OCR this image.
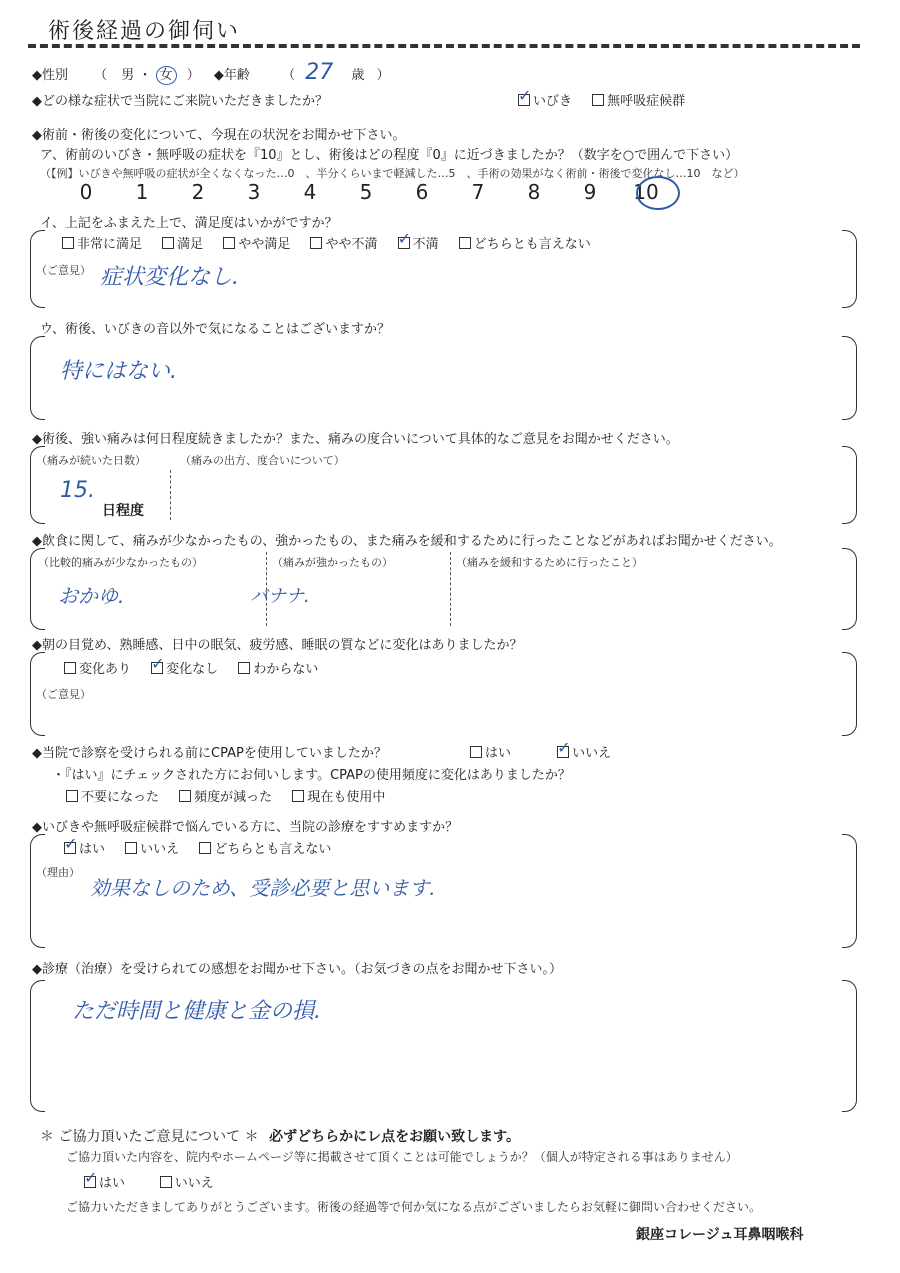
術後経過の御伺い
◆性別 （ 男 ・ 女 ） ◆年齢 （ 27 歳 ）
◆どの様な症状で当院にご来院いただきましたか？ ✓	いびき	無呼吸症候群
◆術前・術後の変化について、今現在の状況をお聞かせ下さい。
ア、術前のいびき・無呼吸の症状を『10』とし、術後はどの程度『0』に近づきましたか？（数字を○で囲んで下さい）
（【例】いびきや無呼吸の症状が全くなくなった…0　、半分くらいまで軽減した…5　、手術の効果がなく術前・術後で変化なし…10　など）
0 1 2 3 4 5 6 7 8 9 10
イ、上記をふまえた上で、満足度はいかがですか？
非常に満足	満足	やや満足	やや不満 ✓	不満	どちらとも言えない
（ご意見） 症状変化なし.
ウ、術後、いびきの音以外で気になることはございますか？
特にはない.
◆術後、強い痛みは何日程度続きましたか？また、痛みの度合いについて具体的なご意見をお聞かせください。
（痛みが続いた日数）	（痛みの出方、度合いについて）
15.
日程度
◆飲食に関して、痛みが少なかったもの、強かったもの、また痛みを緩和するために行ったことなどがあればお聞かせください。
（比較的痛みが少なかったもの）	（痛みが強かったもの）	（痛みを緩和するために行ったこと）
おかゆ.	バナナ.
◆朝の目覚め、熟睡感、日中の眠気、疲労感、睡眠の質などに変化はありましたか？
変化あり ✓	変化なし	わからない
（ご意見）
◆当院で診察を受けられる前にCPAPを使用していましたか？	はい ✓	いいえ
・『はい』にチェックされた方にお伺いします。CPAPの使用頻度に変化はありましたか？
不要になった	頻度が減った	現在も使用中
◆いびきや無呼吸症候群で悩んでいる方に、当院の診療をすすめますか？
✓はい	いいえ	どちらとも言えない
（理由）
効果なしのため、受診必要と思います.
◆診療（治療）を受けられての感想をお聞かせ下さい。（お気づきの点をお聞かせ下さい。）
ただ時間と健康と金の損.
＊ ご協力頂いたご意見について ＊ 必ずどちらかにレ点をお願い致します。
ご協力頂いた内容を、院内やホームページ等に掲載させて頂くことは可能でしょうか？（個人が特定される事はありません）
✓はい	いいえ
ご協力いただきましてありがとうございます。術後の経過等で何か気になる点がございましたらお気軽に御問い合わせください。
銀座コレージュ耳鼻咽喉科
